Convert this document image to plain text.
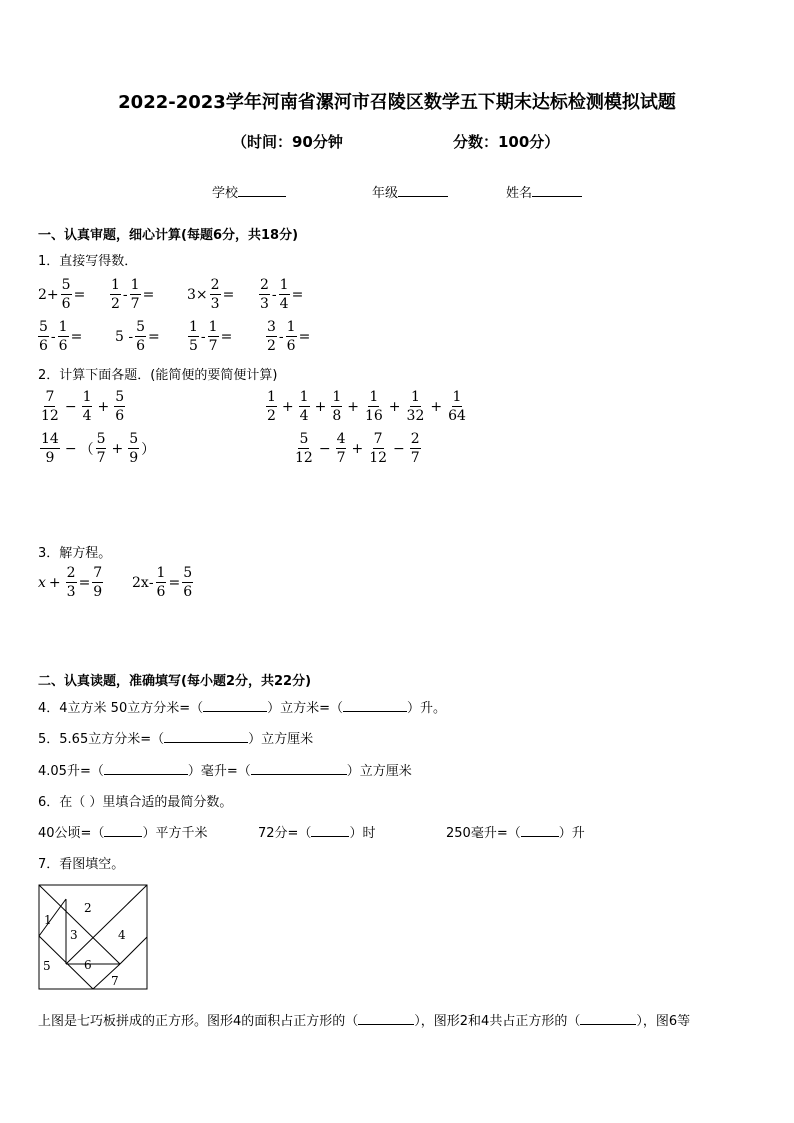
2022-2023学年河南省漯河市召陵区数学五下期末达标检测模拟试题
（时间：90分钟	分数：100分）
学校	年级	姓名
一、认真审题，细心计算(每题6分，共18分)
1．直接写得数．
$2+ \frac{5}{6} = \frac{1}{2} - \frac{1}{7} = 3\times \frac{2}{3} = \frac{2}{3} - \frac{1}{4}$ =
$\frac{5}{6} - \frac{1}{6} = 5 - \frac{5}{6} = \frac{1}{5} - \frac{1}{7} = \frac{3}{2} - \frac{1}{6}$ =
2．计算下面各题．(能简便的要简便计算)
$\frac{7}{12} - \frac{1}{4} + \frac{5}{6}$	$\frac{1}{2} + \frac{1}{4} + \frac{1}{8} + \frac{1}{16} + \frac{1}{32} + \frac{1}{64}$
$\frac{14}{9}$ − （ $\frac{5}{7} + \frac{5}{9}$ ）	$\frac{5}{12} - \frac{4}{7} + \frac{7}{12} - \frac{2}{7}$
3．解方程。
$x + \frac{2}{3} = \frac{7}{9} 2x - \frac{1}{6} = \frac{5}{6}$
二、认真读题，准确填写(每小题2分，共22分)
4．4立方米 50立方分米=（	）立方米=（	）升。
5．5.65立方分米=（	）立方厘米
4.05升=（	）毫升=（	）立方厘米
6．在（ ）里填合适的最简分数。
40公顷=（	）平方千米	72分=（	）时	250毫升=（	）升
7．看图填空。
1
2
3	4
5	6
7
上图是七巧板拼成的正方形。图形4的面积占正方形的（	），图形2和4共占正方形的（	），图6等
